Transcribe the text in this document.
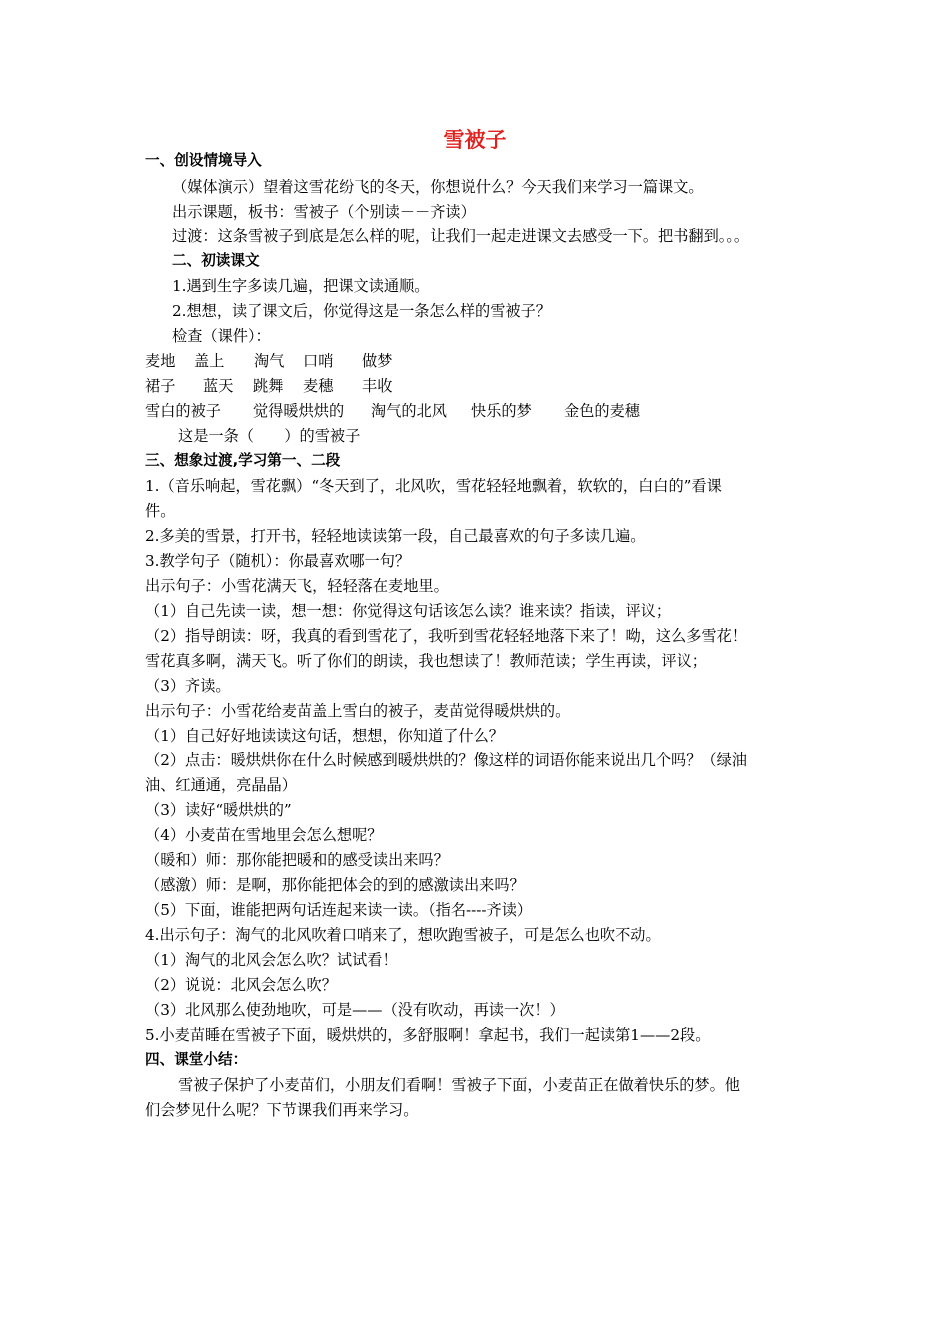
雪被子
一、创设情境导入
（媒体演示）望着这雪花纷飞的冬天，你想说什么？今天我们来学习一篇课文。
出示课题，板书：雪被子（个别读－－齐读）
过渡：这条雪被子到底是怎么样的呢，让我们一起走进课文去感受一下。把书翻到。。。
二、初读课文
1.遇到生字多读几遍，把课文读通顺。
2.想想，读了课文后，你觉得这是一条怎么样的雪被子？
检查（课件）：
麦地 盖上 淘气 口哨 做梦
裙子 蓝天 跳舞 麦穗 丰收
雪白的被子 觉得暖烘烘的 淘气的北风 快乐的梦 金色的麦穗
这是一条（　　）的雪被子
三、想象过渡,学习第一、二段
1.（音乐响起，雪花飘）“冬天到了，北风吹，雪花轻轻地飘着，软软的，白白的”看课
件。
2.多美的雪景，打开书，轻轻地读读第一段，自己最喜欢的句子多读几遍。
3.教学句子（随机）：你最喜欢哪一句？
出示句子：小雪花满天飞，轻轻落在麦地里。
（1）自己先读一读，想一想：你觉得这句话该怎么读？谁来读？指读，评议；
（2）指导朗读：呀，我真的看到雪花了，我听到雪花轻轻地落下来了！呦，这么多雪花！
雪花真多啊，满天飞。听了你们的朗读，我也想读了！教师范读；学生再读，评议；
（3）齐读。
出示句子：小雪花给麦苗盖上雪白的被子，麦苗觉得暖烘烘的。
（1）自己好好地读读这句话，想想，你知道了什么？
（2）点击：暖烘烘你在什么时候感到暖烘烘的？像这样的词语你能来说出几个吗？（绿油
油、红通通，亮晶晶）
（3）读好“暖烘烘的”
（4）小麦苗在雪地里会怎么想呢？
（暖和）师：那你能把暖和的感受读出来吗？
（感激）师：是啊，那你能把体会的到的感激读出来吗？
（5）下面，谁能把两句话连起来读一读。（指名----齐读）
4.出示句子：淘气的北风吹着口哨来了，想吹跑雪被子，可是怎么也吹不动。
（1）淘气的北风会怎么吹？试试看！
（2）说说：北风会怎么吹？
（3）北风那么使劲地吹，可是——（没有吹动，再读一次！）
5.小麦苗睡在雪被子下面，暖烘烘的，多舒服啊！拿起书，我们一起读第1——2段。
四、课堂小结：
雪被子保护了小麦苗们，小朋友们看啊！雪被子下面，小麦苗正在做着快乐的梦。他
们会梦见什么呢？下节课我们再来学习。
